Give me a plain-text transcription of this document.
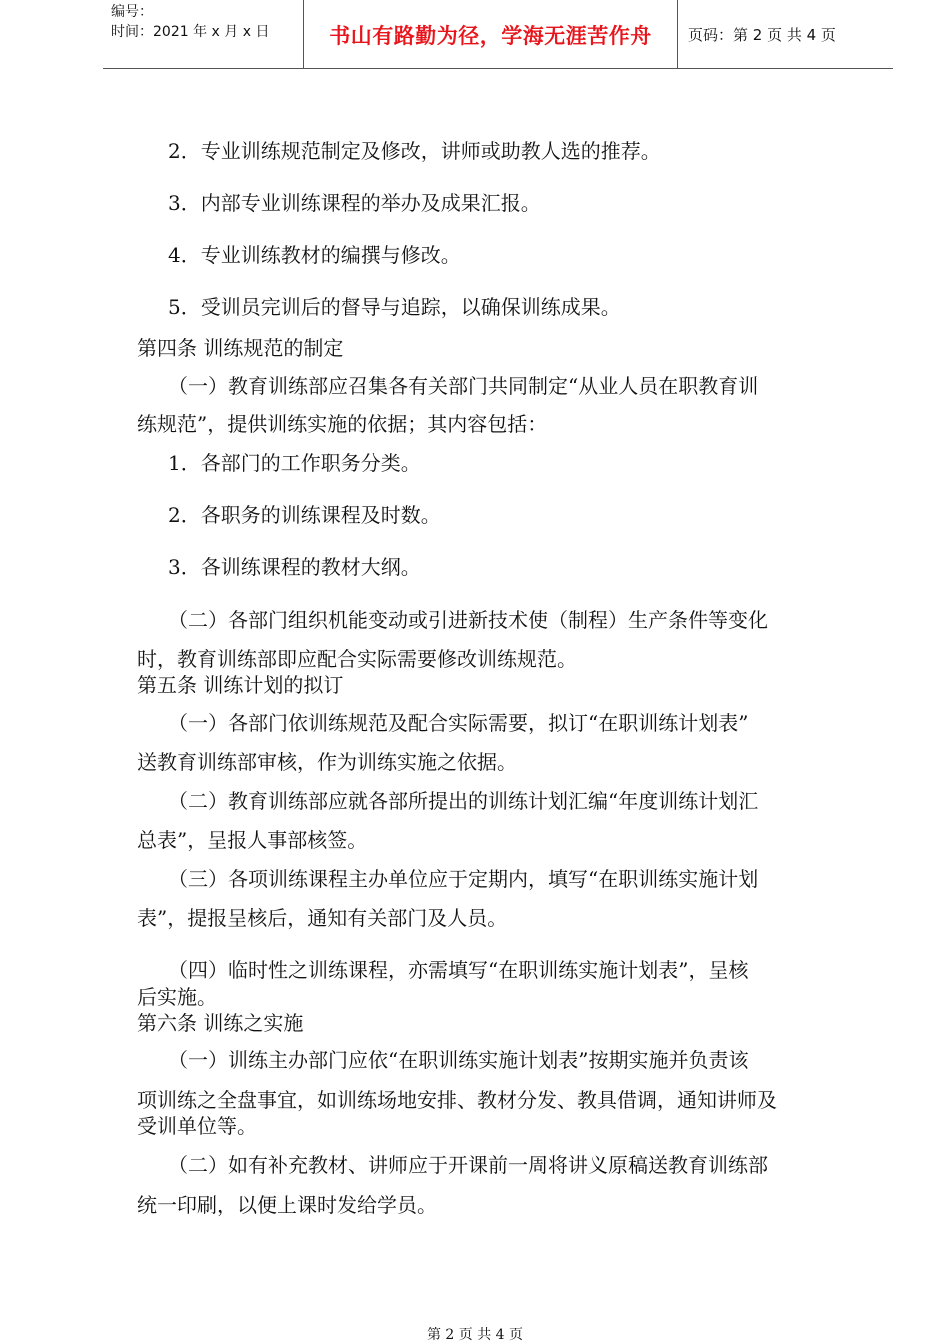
编号：
时间：2021 年 x 月 x 日	书山有路勤为径，学海无涯苦作舟	页码：第 2 页 共 4 页
2．专业训练规范制定及修改，讲师或助教人选的推荐。
3．内部专业训练课程的举办及成果汇报。
4．专业训练教材的编撰与修改。
5．受训员完训后的督导与追踪，以确保训练成果。
第四条 训练规范的制定
（一）教育训练部应召集各有关部门共同制定“从业人员在职教育训
练规范”，提供训练实施的依据；其内容包括：
1．各部门的工作职务分类。
2．各职务的训练课程及时数。
3．各训练课程的教材大纲。
（二）各部门组织机能变动或引进新技术使（制程）生产条件等变化
时，教育训练部即应配合实际需要修改训练规范。
第五条 训练计划的拟订
（一）各部门依训练规范及配合实际需要，拟订“在职训练计划表”
送教育训练部审核，作为训练实施之依据。
（二）教育训练部应就各部所提出的训练计划汇编“年度训练计划汇
总表”，呈报人事部核签。
（三）各项训练课程主办单位应于定期内，填写“在职训练实施计划
表”，提报呈核后，通知有关部门及人员。
（四）临时性之训练课程，亦需填写“在职训练实施计划表”，呈核
后实施。
第六条 训练之实施
（一）训练主办部门应依“在职训练实施计划表”按期实施并负责该
项训练之全盘事宜，如训练场地安排、教材分发、教具借调，通知讲师及
受训单位等。
（二）如有补充教材、讲师应于开课前一周将讲义原稿送教育训练部
统一印刷，以便上课时发给学员。
第 2 页 共 4 页
